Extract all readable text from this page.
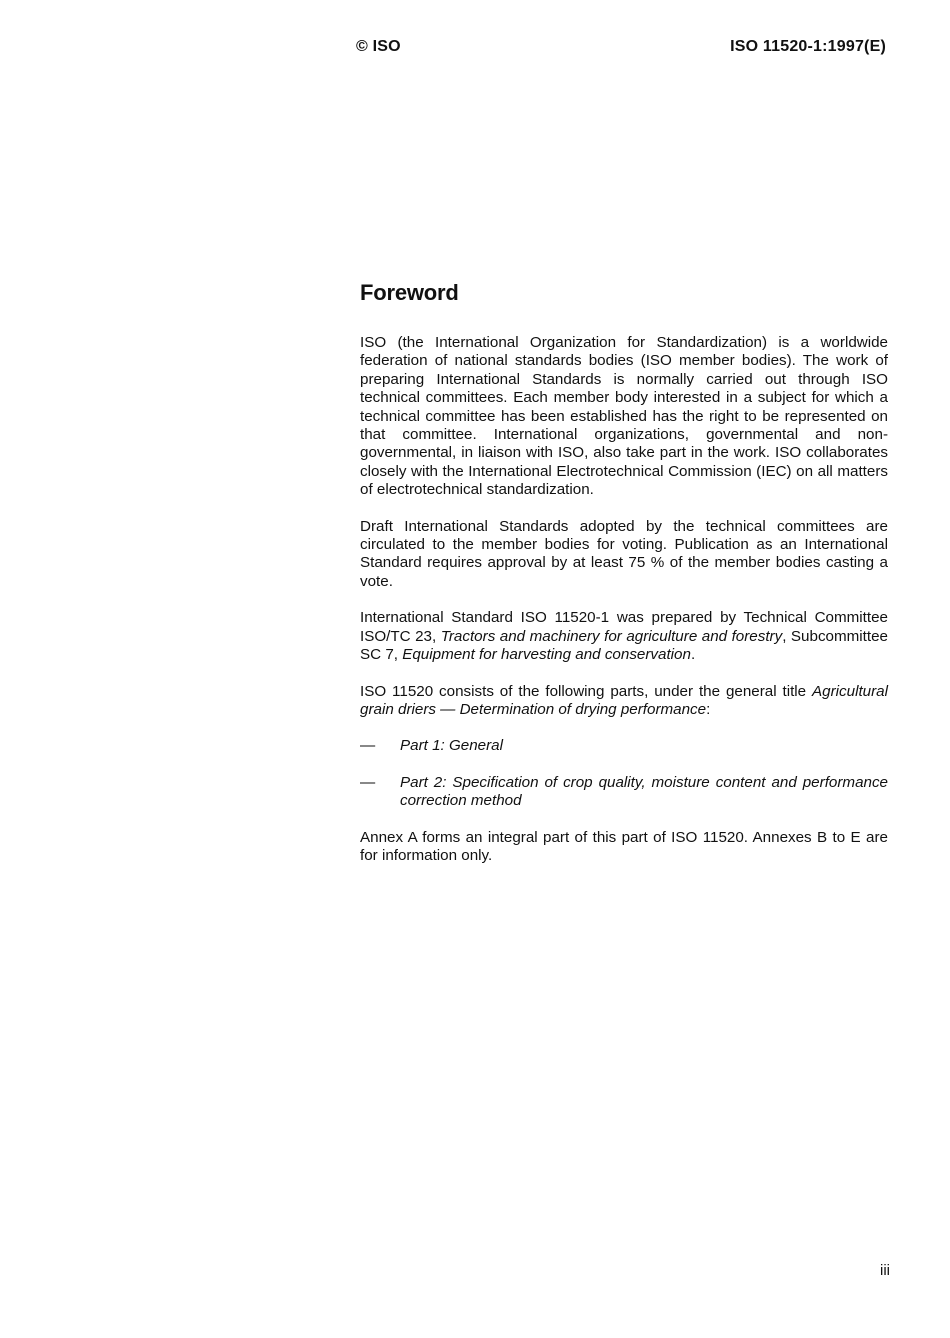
© ISO	ISO 11520-1:1997(E)
Foreword

ISO (the International Organization for Standardization) is a worldwide federation of national standards bodies (ISO member bodies). The work of preparing International Standards is normally carried out through ISO technical committees. Each member body interested in a subject for which a technical committee has been established has the right to be represented on that committee. International organizations, governmental and non-governmental, in liaison with ISO, also take part in the work. ISO collaborates closely with the International Electrotechnical Commission (IEC) on all matters of electrotechnical standardization.

Draft International Standards adopted by the technical committees are circulated to the member bodies for voting. Publication as an International Standard requires approval by at least 75 % of the member bodies casting a vote.

International Standard ISO 11520-1 was prepared by Technical Committee ISO/TC 23, Tractors and machinery for agriculture and forestry, Subcommittee SC 7, Equipment for harvesting and conservation.

ISO 11520 consists of the following parts, under the general title Agricultural grain driers — Determination of drying performance:

—	Part 1: General
—	Part 2: Specification of crop quality, moisture content and performance correction method

Annex A forms an integral part of this part of ISO 11520. Annexes B to E are for information only.

iii
